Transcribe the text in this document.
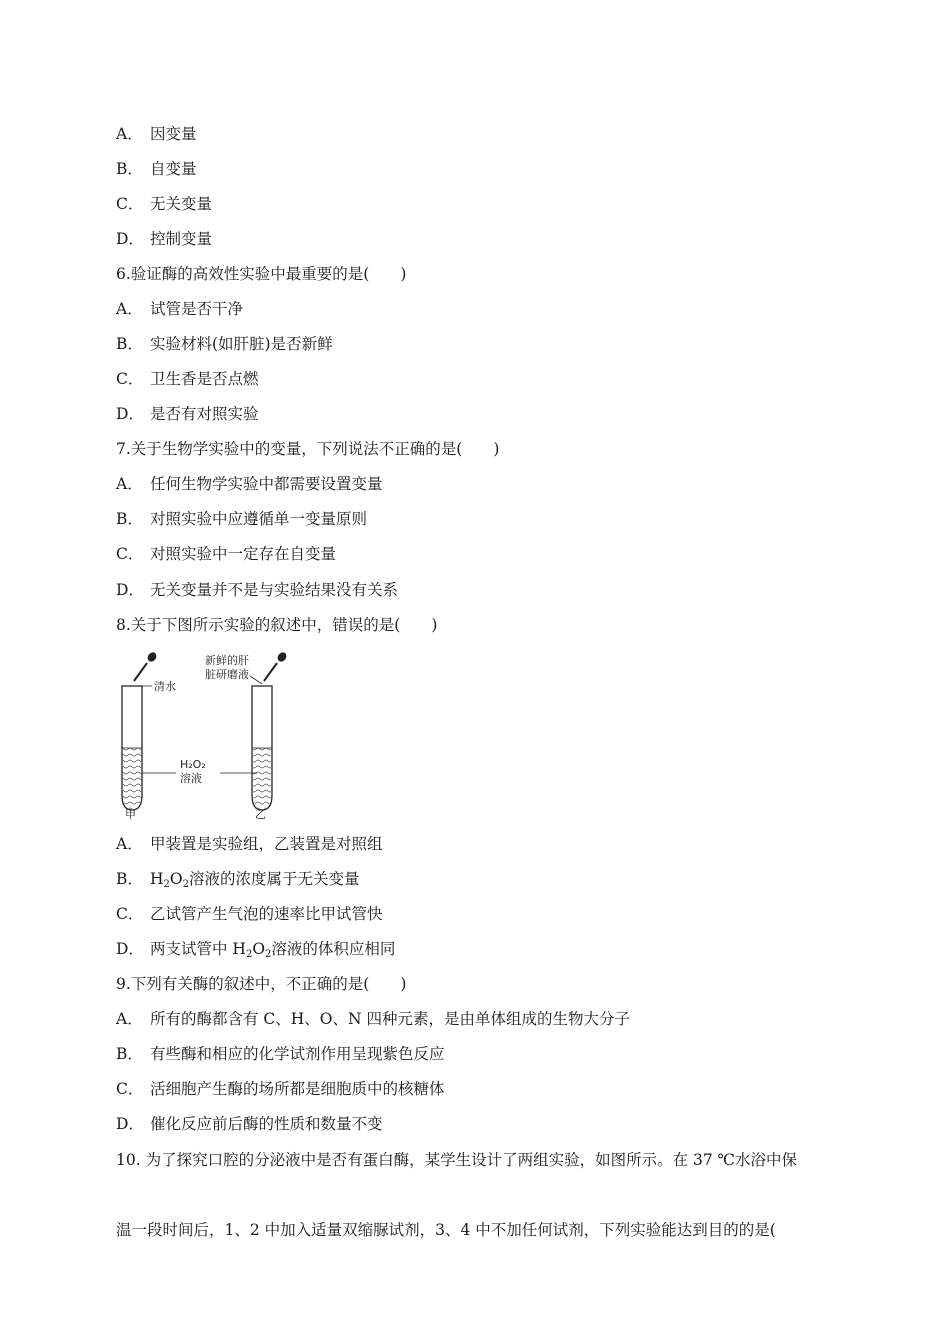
A． 因变量
B． 自变量
C． 无关变量
D． 控制变量
6.验证酶的高效性实验中最重要的是(　　)
A． 试管是否干净
B． 实验材料(如肝脏)是否新鲜
C． 卫生香是否点燃
D． 是否有对照实验
7.关于生物学实验中的变量，下列说法不正确的是(　　)
A． 任何生物学实验中都需要设置变量
B． 对照实验中应遵循单一变量原则
C． 对照实验中一定存在自变量
D． 无关变量并不是与实验结果没有关系
8.关于下图所示实验的叙述中，错误的是(　　)
清水
甲
新鲜的肝
脏研磨液
乙
H₂O₂
溶液
A． 甲装置是实验组，乙装置是对照组
B． $H_2O_2$溶液的浓度属于无关变量
C． 乙试管产生气泡的速率比甲试管快
D． 两支试管中 $H_2O_2$溶液的体积应相同
9.下列有关酶的叙述中，不正确的是(　　)
A． 所有的酶都含有 C、H、O、N 四种元素，是由单体组成的生物大分子
B． 有些酶和相应的化学试剂作用呈现紫色反应
C． 活细胞产生酶的场所都是细胞质中的核糖体
D． 催化反应前后酶的性质和数量不变
10. 为了探究口腔的分泌液中是否有蛋白酶，某学生设计了两组实验，如图所示。在 37 ℃水浴中保
温一段时间后，1、2 中加入适量双缩脲试剂，3、4 中不加任何试剂，下列实验能达到目的的是(
